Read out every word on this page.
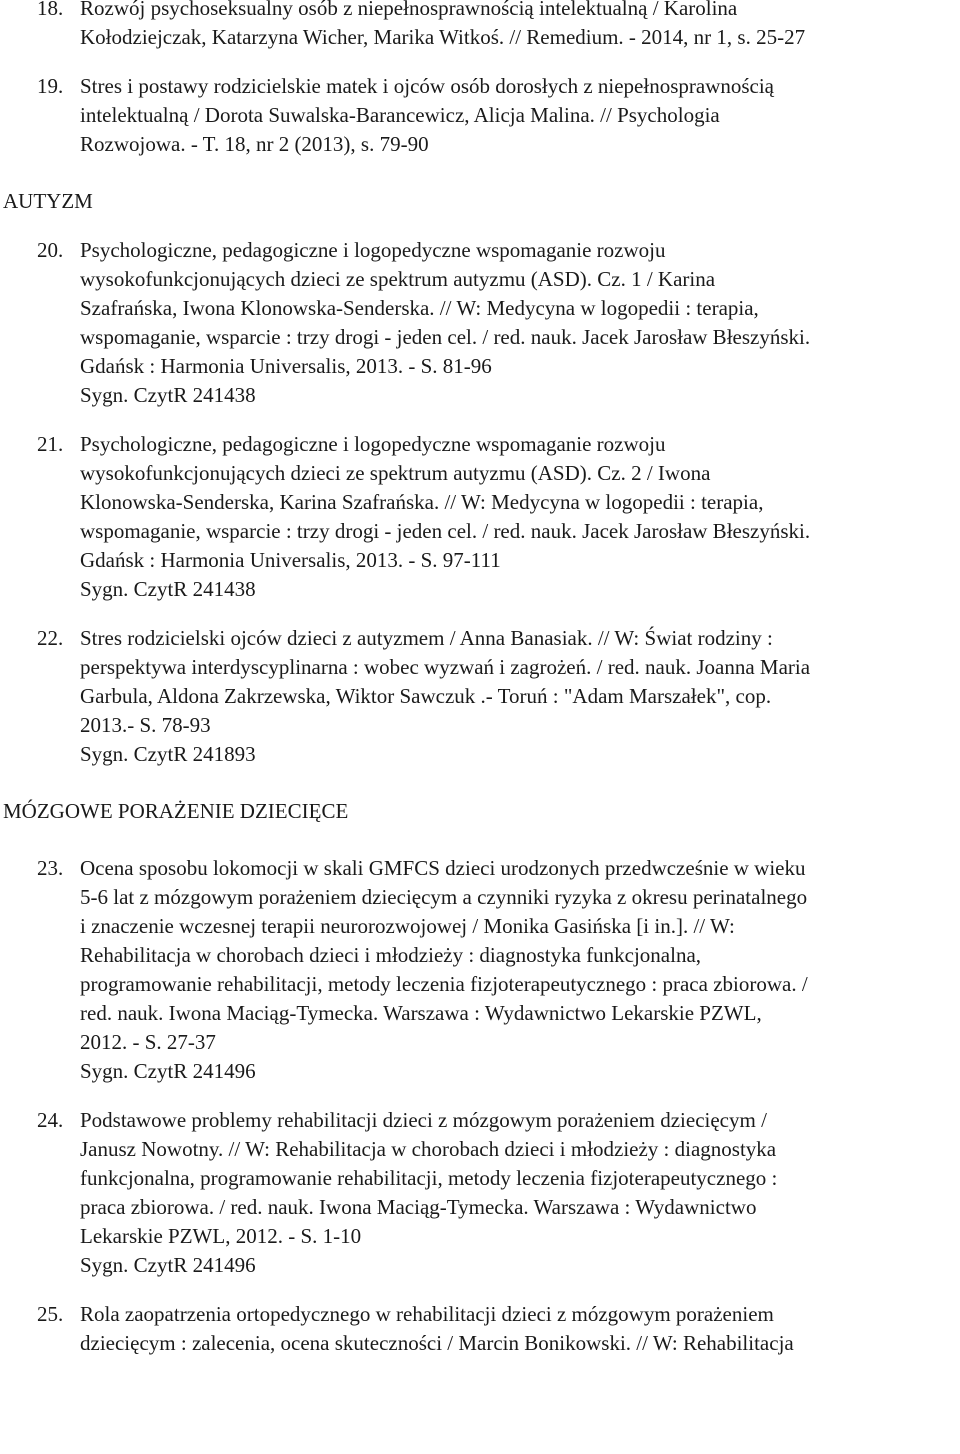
18. Rozwój psychoseksualny osób z niepełnosprawnością intelektualną / Karolina
Kołodziejczak, Katarzyna Wicher, Marika Witkoś. // Remedium. - 2014, nr 1, s. 25-27
19. Stres i postawy rodzicielskie matek i ojców osób dorosłych z niepełnosprawnością
intelektualną / Dorota Suwalska-Barancewicz, Alicja Malina. // Psychologia
Rozwojowa. - T. 18, nr 2 (2013), s. 79-90
AUTYZM
20. Psychologiczne, pedagogiczne i logopedyczne wspomaganie rozwoju
wysokofunkcjonujących dzieci ze spektrum autyzmu (ASD). Cz. 1 / Karina
Szafrańska, Iwona Klonowska-Senderska. // W: Medycyna w logopedii : terapia,
wspomaganie, wsparcie : trzy drogi - jeden cel. / red. nauk. Jacek Jarosław Błeszyński.
Gdańsk : Harmonia Universalis, 2013. - S. 81-96
Sygn. CzytR 241438
21. Psychologiczne, pedagogiczne i logopedyczne wspomaganie rozwoju
wysokofunkcjonujących dzieci ze spektrum autyzmu (ASD). Cz. 2 / Iwona
Klonowska-Senderska, Karina Szafrańska. // W: Medycyna w logopedii : terapia,
wspomaganie, wsparcie : trzy drogi - jeden cel. / red. nauk. Jacek Jarosław Błeszyński.
Gdańsk : Harmonia Universalis, 2013. - S. 97-111
Sygn. CzytR 241438
22. Stres rodzicielski ojców dzieci z autyzmem / Anna Banasiak. // W: Świat rodziny :
perspektywa interdyscyplinarna : wobec wyzwań i zagrożeń. / red. nauk. Joanna Maria
Garbula, Aldona Zakrzewska, Wiktor Sawczuk .- Toruń : "Adam Marszałek", cop.
2013.- S. 78-93
Sygn. CzytR 241893
MÓZGOWE PORAŻENIE DZIECIĘCE
23. Ocena sposobu lokomocji w skali GMFCS dzieci urodzonych przedwcześnie w wieku
5-6 lat z mózgowym porażeniem dziecięcym a czynniki ryzyka z okresu perinatalnego
i znaczenie wczesnej terapii neurorozwojowej / Monika Gasińska [i in.]. // W:
Rehabilitacja w chorobach dzieci i młodzieży : diagnostyka funkcjonalna,
programowanie rehabilitacji, metody leczenia fizjoterapeutycznego : praca zbiorowa. /
red. nauk. Iwona Maciąg-Tymecka. Warszawa : Wydawnictwo Lekarskie PZWL,
2012. - S. 27-37
Sygn. CzytR 241496
24. Podstawowe problemy rehabilitacji dzieci z mózgowym porażeniem dziecięcym /
Janusz Nowotny. // W: Rehabilitacja w chorobach dzieci i młodzieży : diagnostyka
funkcjonalna, programowanie rehabilitacji, metody leczenia fizjoterapeutycznego :
praca zbiorowa. / red. nauk. Iwona Maciąg-Tymecka. Warszawa : Wydawnictwo
Lekarskie PZWL, 2012. - S. 1-10
Sygn. CzytR 241496
25. Rola zaopatrzenia ortopedycznego w rehabilitacji dzieci z mózgowym porażeniem
dziecięcym : zalecenia, ocena skuteczności / Marcin Bonikowski. // W: Rehabilitacja
